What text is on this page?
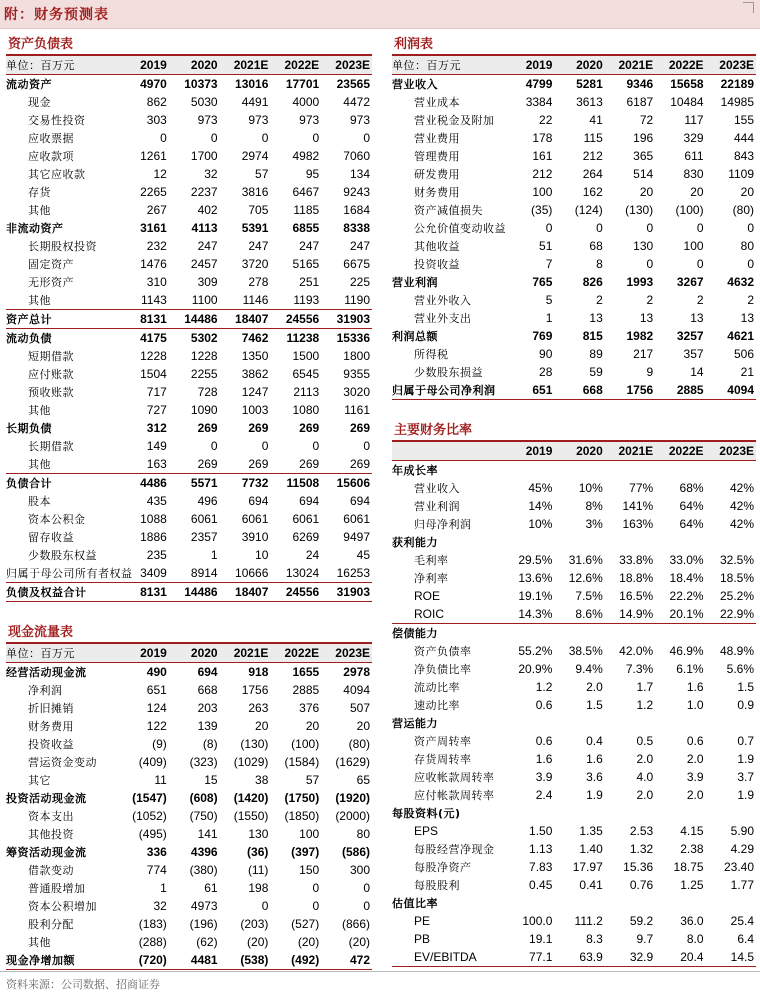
附：财务预测表
资产负债表
单位：百万元	2019	2020	2021E	2022E	2023E
流动资产	4970	10373	13016	17701	23565
现金	862	5030	4491	4000	4472
交易性投资	303	973	973	973	973
应收票据	0	0	0	0	0
应收款项	1261	1700	2974	4982	7060
其它应收款	12	32	57	95	134
存货	2265	2237	3816	6467	9243
其他	267	402	705	1185	1684
非流动资产	3161	4113	5391	6855	8338
长期股权投资	232	247	247	247	247
固定资产	1476	2457	3720	5165	6675
无形资产	310	309	278	251	225
其他	1143	1100	1146	1193	1190
资产总计	8131	14486	18407	24556	31903
流动负债	4175	5302	7462	11238	15336
短期借款	1228	1228	1350	1500	1800
应付账款	1504	2255	3862	6545	9355
预收账款	717	728	1247	2113	3020
其他	727	1090	1003	1080	1161
长期负债	312	269	269	269	269
长期借款	149	0	0	0	0
其他	163	269	269	269	269
负债合计	4486	5571	7732	11508	15606
股本	435	496	694	694	694
资本公积金	1088	6061	6061	6061	6061
留存收益	1886	2357	3910	6269	9497
少数股东权益	235	1	10	24	45
归属于母公司所有者权益	3409	8914	10666	13024	16253
负债及权益合计	8131	14486	18407	24556	31903
现金流量表
单位：百万元	2019	2020	2021E	2022E	2023E
经营活动现金流	490	694	918	1655	2978
净利润	651	668	1756	2885	4094
折旧摊销	124	203	263	376	507
财务费用	122	139	20	20	20
投资收益	(9)	(8)	(130)	(100)	(80)
营运资金变动	(409)	(323)	(1029)	(1584)	(1629)
其它	11	15	38	57	65
投资活动现金流	(1547)	(608)	(1420)	(1750)	(1920)
资本支出	(1052)	(750)	(1550)	(1850)	(2000)
其他投资	(495)	141	130	100	80
筹资活动现金流	336	4396	(36)	(397)	(586)
借款变动	774	(380)	(11)	150	300
普通股增加	1	61	198	0	0
资本公积增加	32	4973	0	0	0
股利分配	(183)	(196)	(203)	(527)	(866)
其他	(288)	(62)	(20)	(20)	(20)
现金净增加额	(720)	4481	(538)	(492)	472
利润表
单位：百万元	2019	2020	2021E	2022E	2023E
营业收入	4799	5281	9346	15658	22189
营业成本	3384	3613	6187	10484	14985
营业税金及附加	22	41	72	117	155
营业费用	178	115	196	329	444
管理费用	161	212	365	611	843
研发费用	212	264	514	830	1109
财务费用	100	162	20	20	20
资产减值损失	(35)	(124)	(130)	(100)	(80)
公允价值变动收益	0	0	0	0	0
其他收益	51	68	130	100	80
投资收益	7	8	0	0	0
营业利润	765	826	1993	3267	4632
营业外收入	5	2	2	2	2
营业外支出	1	13	13	13	13
利润总额	769	815	1982	3257	4621
所得税	90	89	217	357	506
少数股东损益	28	59	9	14	21
归属于母公司净利润	651	668	1756	2885	4094
主要财务比率
	2019	2020	2021E	2022E	2023E
年成长率					
营业收入	45%	10%	77%	68%	42%
营业利润	14%	8%	141%	64%	42%
归母净利润	10%	3%	163%	64%	42%
获利能力					
毛利率	29.5%	31.6%	33.8%	33.0%	32.5%
净利率	13.6%	12.6%	18.8%	18.4%	18.5%
ROE	19.1%	7.5%	16.5%	22.2%	25.2%
ROIC	14.3%	8.6%	14.9%	20.1%	22.9%
偿债能力					
资产负债率	55.2%	38.5%	42.0%	46.9%	48.9%
净负债比率	20.9%	9.4%	7.3%	6.1%	5.6%
流动比率	1.2	2.0	1.7	1.6	1.5
速动比率	0.6	1.5	1.2	1.0	0.9
营运能力					
资产周转率	0.6	0.4	0.5	0.6	0.7
存货周转率	1.6	1.6	2.0	2.0	1.9
应收帐款周转率	3.9	3.6	4.0	3.9	3.7
应付帐款周转率	2.4	1.9	2.0	2.0	1.9
每股资料(元)					
EPS	1.50	1.35	2.53	4.15	5.90
每股经营净现金	1.13	1.40	1.32	2.38	4.29
每股净资产	7.83	17.97	15.36	18.75	23.40
每股股利	0.45	0.41	0.76	1.25	1.77
估值比率					
PE	100.0	111.2	59.2	36.0	25.4
PB	19.1	8.3	9.7	8.0	6.4
EV/EBITDA	77.1	63.9	32.9	20.4	14.5
资料来源：公司数据、招商证券
